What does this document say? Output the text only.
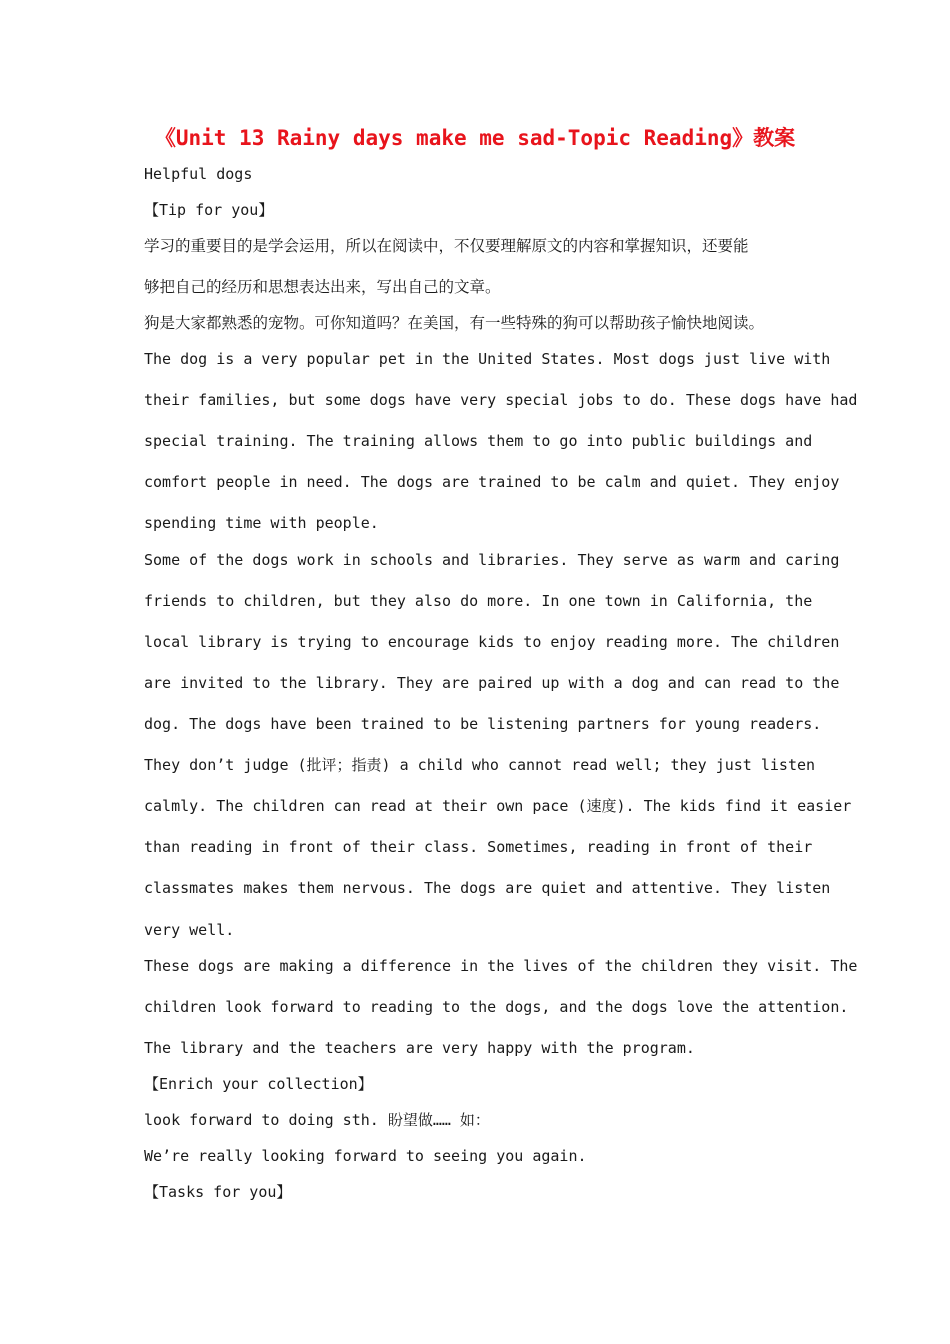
《Unit 13 Rainy days make me sad-Topic Reading》教案
Helpful dogs
【Tip for you】
学习的重要目的是学会运用，所以在阅读中，不仅要理解原文的内容和掌握知识，还要能
够把自己的经历和思想表达出来，写出自己的文章。
狗是大家都熟悉的宠物。可你知道吗？在美国，有一些特殊的狗可以帮助孩子愉快地阅读。
The dog is a very popular pet in the United States. Most dogs just live with
their families, but some dogs have very special jobs to do. These dogs have had
special training. The training allows them to go into public buildings and
comfort people in need. The dogs are trained to be calm and quiet. They enjoy
spending time with people.
Some of the dogs work in schools and libraries. They serve as warm and caring
friends to children, but they also do more. In one town in California, the
local library is trying to encourage kids to enjoy reading more. The children
are invited to the library. They are paired up with a dog and can read to the
dog. The dogs have been trained to be listening partners for young readers.
They don’t judge (批评；指责) a child who cannot read well; they just listen
calmly. The children can read at their own pace (速度). The kids find it easier
than reading in front of their class. Sometimes, reading in front of their
classmates makes them nervous. The dogs are quiet and attentive. They listen
very well.
These dogs are making a difference in the lives of the children they visit. The
children look forward to reading to the dogs, and the dogs love the attention.
The library and the teachers are very happy with the program.
【Enrich your collection】
look forward to doing sth. 盼望做…… 如：
We’re really looking forward to seeing you again.
【Tasks for you】
